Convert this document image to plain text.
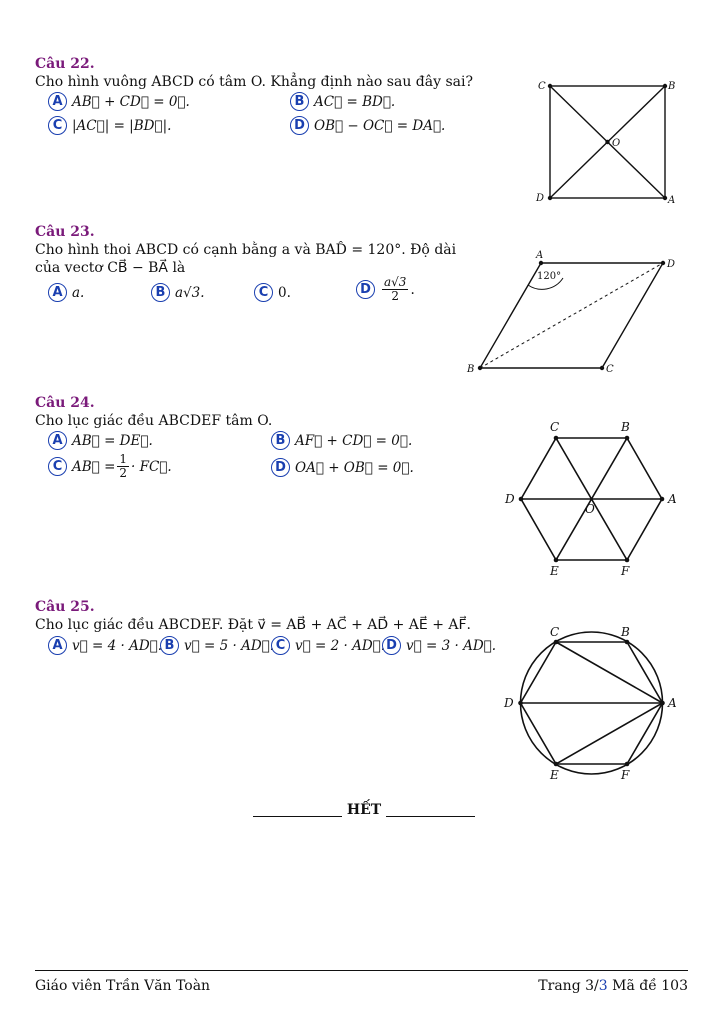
Câu 22.
Cho hình vuông ABCD có tâm O. Khẳng định nào sau đây sai?
A AB⃗ + CD⃗ = 0⃗.	B AC⃗ = BD⃗.
C |AC⃗| = |BD⃗|.	D OB⃗ − OC⃗ = DA⃗.
C	B
D	A
O
Câu 23.
Cho hình thoi ABCD có cạnh bằng a và BAD̂ = 120°. Độ dài
của vectơ CB⃗ − BA⃗ là
A a.	B a√3.	C 0.	D $\frac{a√3}{2}$ .
A
D
C
B
120°
Câu 24.
Cho lục giác đều ABCDEF tâm O.
A AB⃗ = DE⃗.	B AF⃗ + CD⃗ = 0⃗.
C AB⃗ = $\frac{1}{2}$ · FC⃗.	D OA⃗ + OB⃗ = 0⃗.
C	B
A
D
E	F
O
Câu 25.
Cho lục giác đều ABCDEF. Đặt v⃗ = AB⃗ + AC⃗ + AD⃗ + AE⃗ + AF⃗.
A v⃗ = 4 · AD⃗. B v⃗ = 5 · AD⃗. C v⃗ = 2 · AD⃗. D v⃗ = 3 · AD⃗.
C	B
A
D
E	F
HẾT
Giáo viên Trần Văn Toàn	Trang 3/3 Mã đề 103
